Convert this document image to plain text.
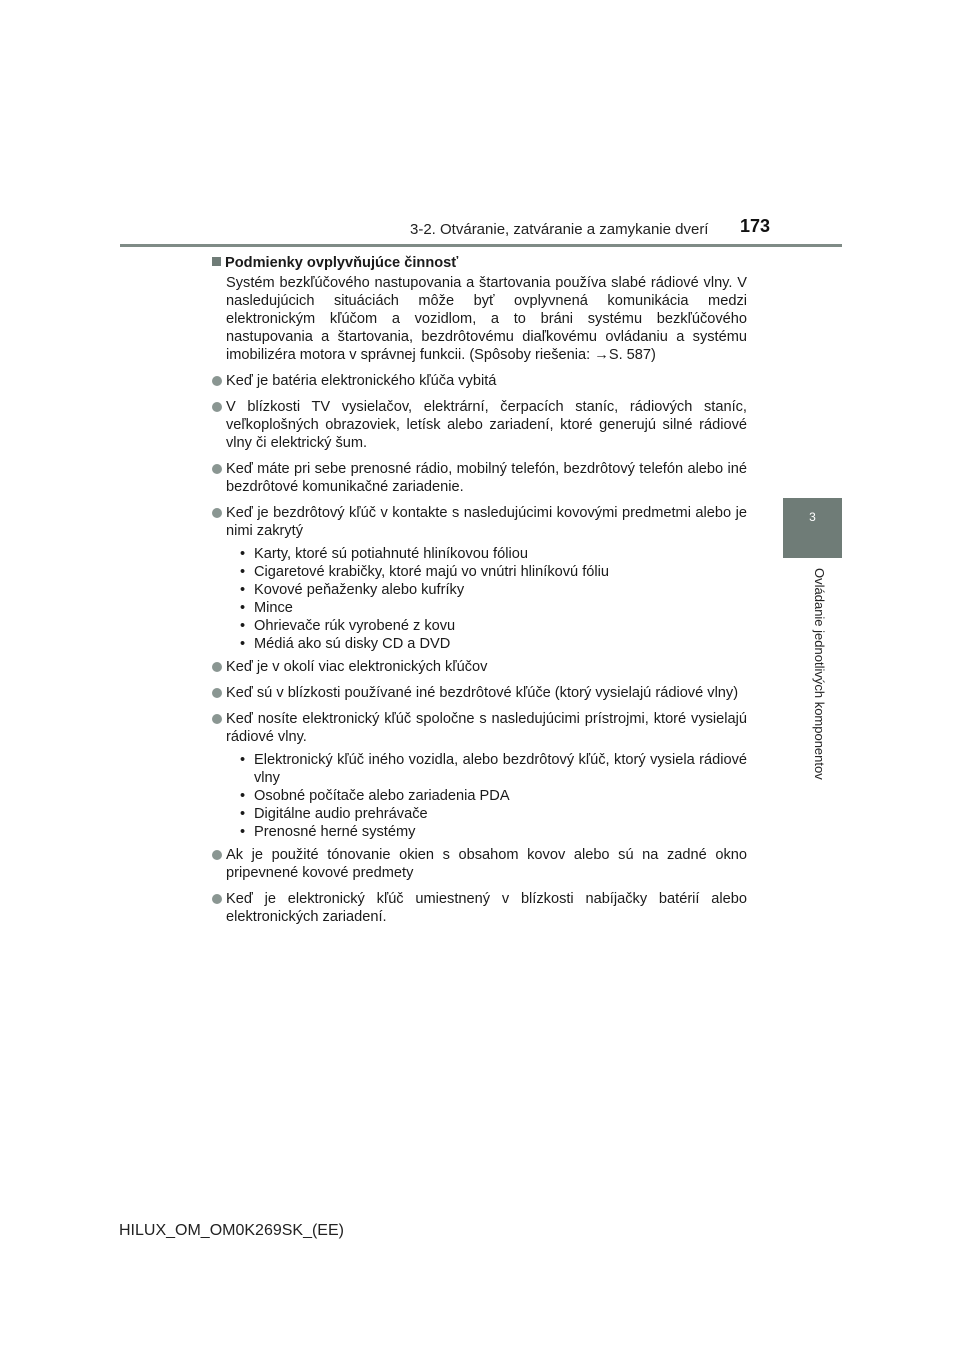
3-2. Otváranie, zatváranie a zamykanie dverí 173
3
Ovládanie jednotlivých komponentov
Podmienky ovplyvňujúce činnosť

Systém bezkľúčového nastupovania a štartovania používa slabé rádiové vlny. V nasledujúcich situáciách môže byť ovplyvnená komunikácia medzi elektronickým kľúčom a vozidlom, a to bráni systému bezkľúčového nastupovania a štartovania, bezdrôtovému diaľkovému ovládaniu a systému imobilizéra motora v správnej funkcii. (Spôsoby riešenia: →S. 587)

Keď je batéria elektronického kľúča vybitá
V blízkosti TV vysielačov, elektrární, čerpacích staníc, rádiových staníc, veľkoplošných obrazoviek, letísk alebo zariadení, ktoré generujú silné rádiové vlny či elektrický šum.
Keď máte pri sebe prenosné rádio, mobilný telefón, bezdrôtový telefón alebo iné bezdrôtové komunikačné zariadenie.
Keď je bezdrôtový kľúč v kontakte s nasledujúcimi kovovými predmetmi alebo je nimi zakrytý
• Karty, ktoré sú potiahnuté hliníkovou fóliou
• Cigaretové krabičky, ktoré majú vo vnútri hliníkovú fóliu
• Kovové peňaženky alebo kufríky
• Mince
• Ohrievače rúk vyrobené z kovu
• Médiá ako sú disky CD a DVD
Keď je v okolí viac elektronických kľúčov
Keď sú v blízkosti používané iné bezdrôtové kľúče (ktorý vysielajú rádiové vlny)
Keď nosíte elektronický kľúč spoločne s nasledujúcimi prístrojmi, ktoré vysielajú rádiové vlny.
• Elektronický kľúč iného vozidla, alebo bezdrôtový kľúč, ktorý vysiela rádiové vlny
• Osobné počítače alebo zariadenia PDA
• Digitálne audio prehrávače
• Prenosné herné systémy
Ak je použité tónovanie okien s obsahom kovov alebo sú na zadné okno pripevnené kovové predmety
Keď je elektronický kľúč umiestnený v blízkosti nabíjačky batérií alebo elektronických zariadení.
HILUX_OM_OM0K269SK_(EE)
